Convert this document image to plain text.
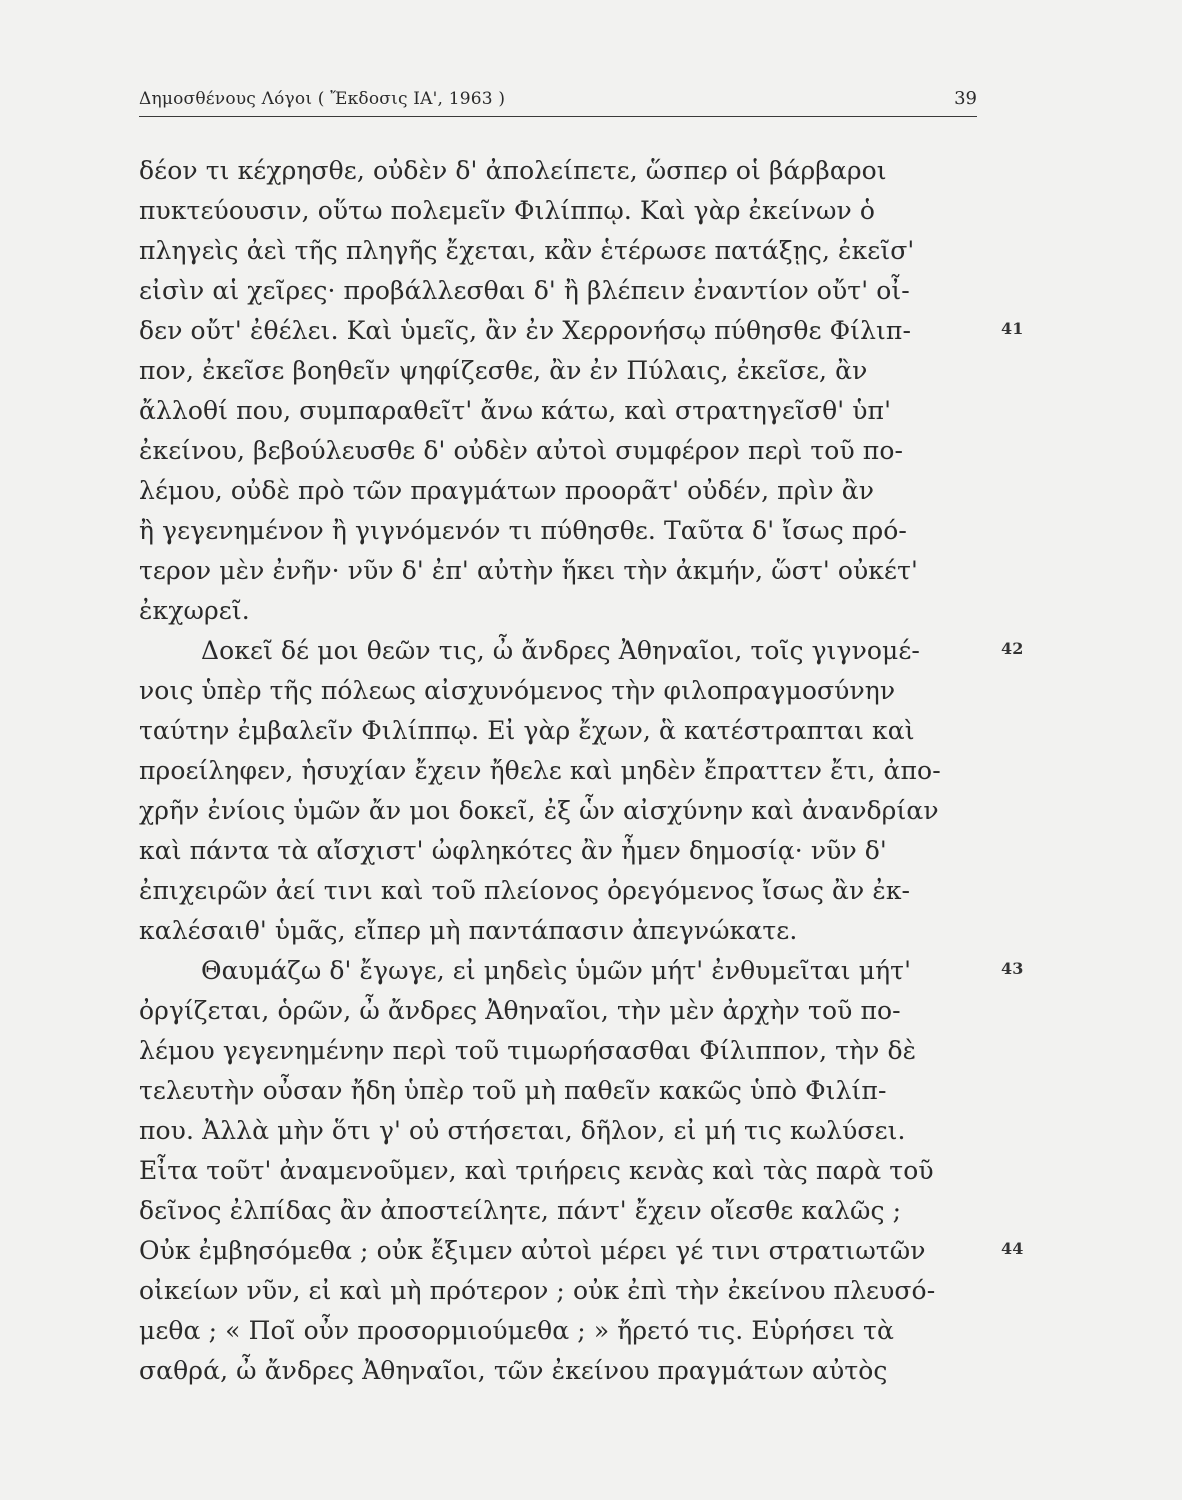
Δημοσθένους Λόγοι ( Ἔκδοσις ΙΑ', 1963 )	39
δέον τι κέχρησθε, οὐδὲν δ' ἀπολείπετε, ὥσπερ οἱ βάρβαροι
πυκτεύουσιν, οὕτω πολεμεῖν Φιλίππῳ. Καὶ γὰρ ἐκείνων ὁ
πληγεὶς ἀεὶ τῆς πληγῆς ἔχεται, κἂν ἑτέρωσε πατάξῃς, ἐκεῖσ'
εἰσὶν αἱ χεῖρες· προβάλλεσθαι δ' ἢ βλέπειν ἐναντίον οὔτ' οἶ-
δεν οὔτ' ἐθέλει. Καὶ ὑμεῖς, ἂν ἐν Χερρονήσῳ πύθησθε Φίλιπ-	41
πον, ἐκεῖσε βοηθεῖν ψηφίζεσθε, ἂν ἐν Πύλαις, ἐκεῖσε, ἂν
ἄλλοθί που, συμπαραθεῖτ' ἄνω κάτω, καὶ στρατηγεῖσθ' ὑπ'
ἐκείνου, βεβούλευσθε δ' οὐδὲν αὐτοὶ συμφέρον περὶ τοῦ πο-
λέμου, οὐδὲ πρὸ τῶν πραγμάτων προορᾶτ' οὐδέν, πρὶν ἂν
ἢ γεγενημένον ἢ γιγνόμενόν τι πύθησθε. Ταῦτα δ' ἴσως πρό-
τερον μὲν ἐνῆν· νῦν δ' ἐπ' αὐτὴν ἥκει τὴν ἀκμήν, ὥστ' οὐκέτ'
ἐκχωρεῖ.
Δοκεῖ δέ μοι θεῶν τις, ὦ ἄνδρες Ἀθηναῖοι, τοῖς γιγνομέ-	42
νοις ὑπὲρ τῆς πόλεως αἰσχυνόμενος τὴν φιλοπραγμοσύνην
ταύτην ἐμβαλεῖν Φιλίππῳ. Εἰ γὰρ ἔχων, ἃ κατέστραπται καὶ
προείληφεν, ἡσυχίαν ἔχειν ἤθελε καὶ μηδὲν ἔπραττεν ἔτι, ἀπο-
χρῆν ἐνίοις ὑμῶν ἄν μοι δοκεῖ, ἐξ ὧν αἰσχύνην καὶ ἀνανδρίαν
καὶ πάντα τὰ αἴσχιστ' ὠφληκότες ἂν ἦμεν δημοσίᾳ· νῦν δ'
ἐπιχειρῶν ἀεί τινι καὶ τοῦ πλείονος ὀρεγόμενος ἴσως ἂν ἐκ-
καλέσαιθ' ὑμᾶς, εἴπερ μὴ παντάπασιν ἀπεγνώκατε.
Θαυμάζω δ' ἔγωγε, εἰ μηδεὶς ὑμῶν μήτ' ἐνθυμεῖται μήτ'	43
ὀργίζεται, ὁρῶν, ὦ ἄνδρες Ἀθηναῖοι, τὴν μὲν ἀρχὴν τοῦ πο-
λέμου γεγενημένην περὶ τοῦ τιμωρήσασθαι Φίλιππον, τὴν δὲ
τελευτὴν οὖσαν ἤδη ὑπὲρ τοῦ μὴ παθεῖν κακῶς ὑπὸ Φιλίπ-
που. Ἀλλὰ μὴν ὅτι γ' οὐ στήσεται, δῆλον, εἰ μή τις κωλύσει.
Εἶτα τοῦτ' ἀναμενοῦμεν, καὶ τριήρεις κενὰς καὶ τὰς παρὰ τοῦ
δεῖνος ἐλπίδας ἂν ἀποστείλητε, πάντ' ἔχειν οἴεσθε καλῶς ;
Οὐκ ἐμβησόμεθα ; οὐκ ἔξιμεν αὐτοὶ μέρει γέ τινι στρατιωτῶν	44
οἰκείων νῦν, εἰ καὶ μὴ πρότερον ; οὐκ ἐπὶ τὴν ἐκείνου πλευσό-
μεθα ; « Ποῖ οὖν προσορμιούμεθα ; » ἤρετό τις. Εὑρήσει τὰ
σαθρά, ὦ ἄνδρες Ἀθηναῖοι, τῶν ἐκείνου πραγμάτων αὐτὸς
